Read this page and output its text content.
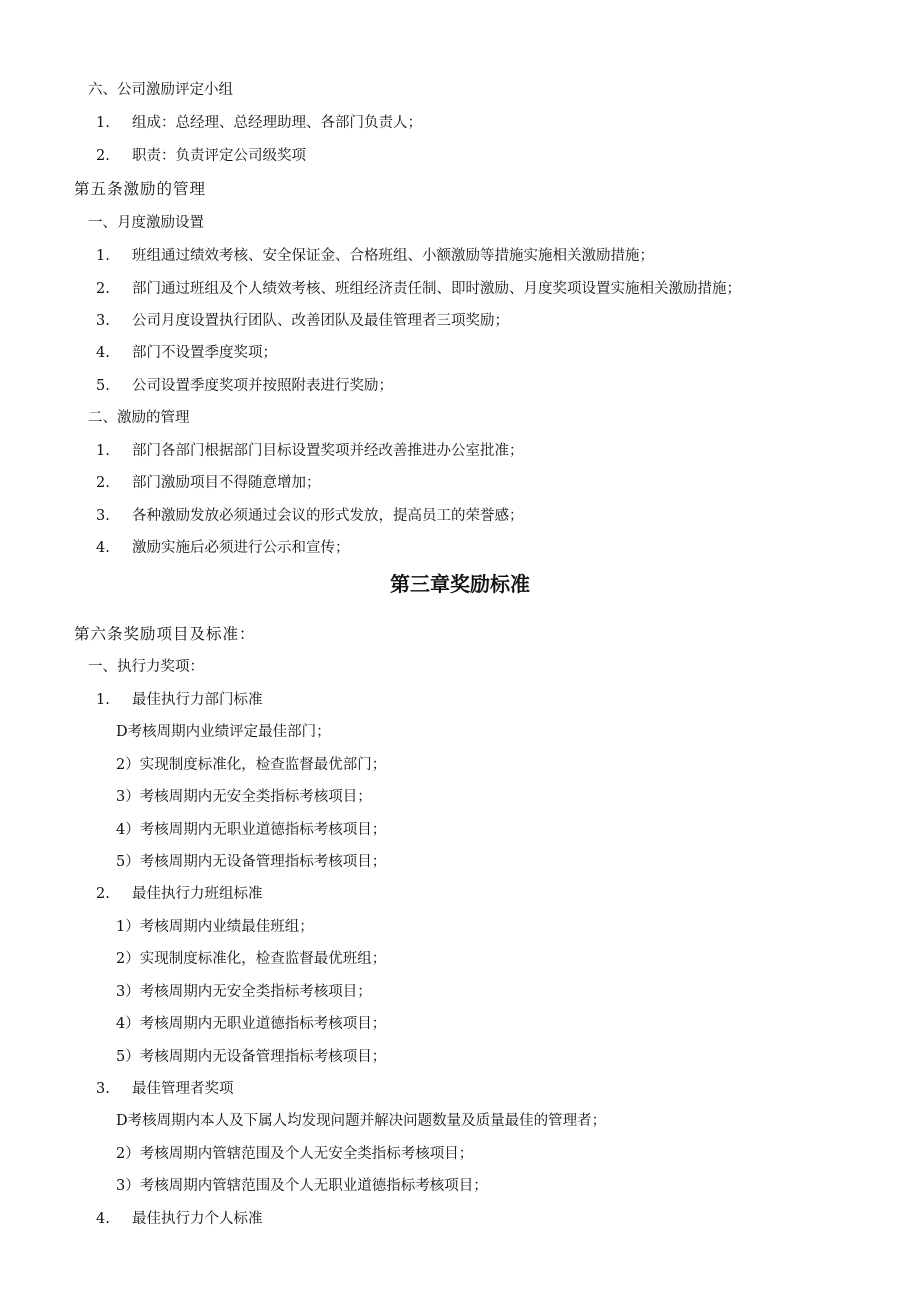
六、公司激励评定小组
1. 组成：总经理、总经理助理、各部门负责人；
2. 职责：负责评定公司级奖项
第五条激励的管理
一、月度激励设置
1. 班组通过绩效考核、安全保证金、合格班组、小额激励等措施实施相关激励措施；
2. 部门通过班组及个人绩效考核、班组经济责任制、即时激励、月度奖项设置实施相关激励措施；
3. 公司月度设置执行团队、改善团队及最佳管理者三项奖励；
4. 部门不设置季度奖项；
5. 公司设置季度奖项并按照附表进行奖励；
二、激励的管理
1. 部门各部门根据部门目标设置奖项并经改善推进办公室批准；
2. 部门激励项目不得随意增加；
3. 各种激励发放必须通过会议的形式发放，提高员工的荣誉感；
4. 激励实施后必须进行公示和宣传；
第三章奖励标准
第六条奖励项目及标准：
一、执行力奖项：
1. 最佳执行力部门标准
D考核周期内业绩评定最佳部门；
2）实现制度标准化，检查监督最优部门；
3）考核周期内无安全类指标考核项目；
4）考核周期内无职业道德指标考核项目；
5）考核周期内无设备管理指标考核项目；
2. 最佳执行力班组标准
1）考核周期内业绩最佳班组；
2）实现制度标准化，检查监督最优班组；
3）考核周期内无安全类指标考核项目；
4）考核周期内无职业道德指标考核项目；
5）考核周期内无设备管理指标考核项目；
3. 最佳管理者奖项
D考核周期内本人及下属人均发现问题并解决问题数量及质量最佳的管理者；
2）考核周期内管辖范围及个人无安全类指标考核项目；
3）考核周期内管辖范围及个人无职业道德指标考核项目；
4. 最佳执行力个人标准
